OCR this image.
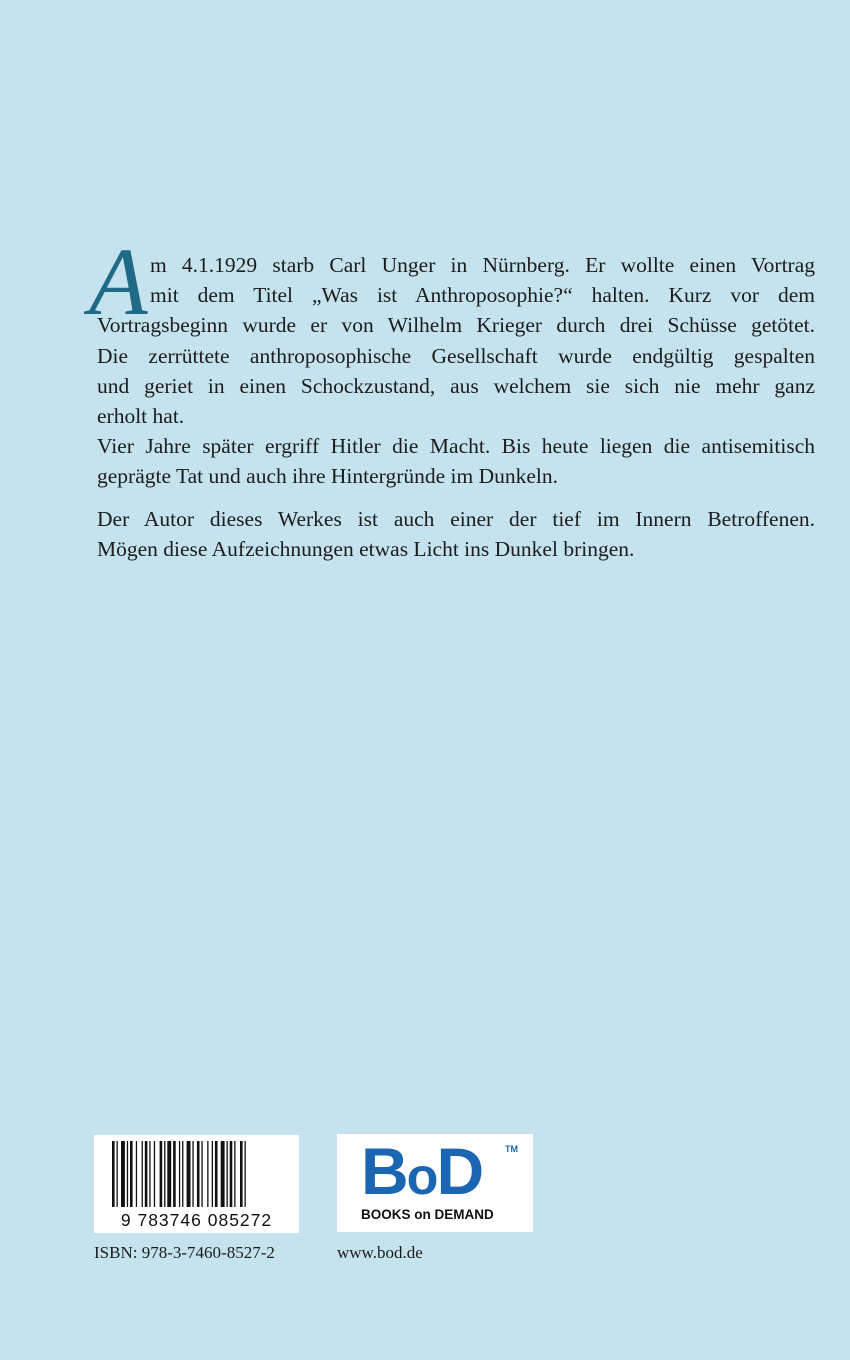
A m 4.1.1929 starb Carl Unger in Nürnberg. Er wollte einen Vortrag
mit dem Titel „Was ist Anthroposophie?“ halten. Kurz vor dem
Vortragsbeginn wurde er von Wilhelm Krieger durch drei Schüsse getötet.
Die zerrüttete anthroposophische Gesellschaft wurde endgültig gespalten
und geriet in einen Schockzustand, aus welchem sie sich nie mehr ganz
erholt hat.
Vier Jahre später ergriff Hitler die Macht. Bis heute liegen die antisemitisch
geprägte Tat und auch ihre Hintergründe im Dunkeln.
Der Autor dieses Werkes ist auch einer der tief im Innern Betroffenen.
Mögen diese Aufzeichnungen etwas Licht ins Dunkel bringen.
9 783746 085272
BoD	TM
BOOKS on DEMAND
ISBN: 978-3-7460-8527-2	www.bod.de
